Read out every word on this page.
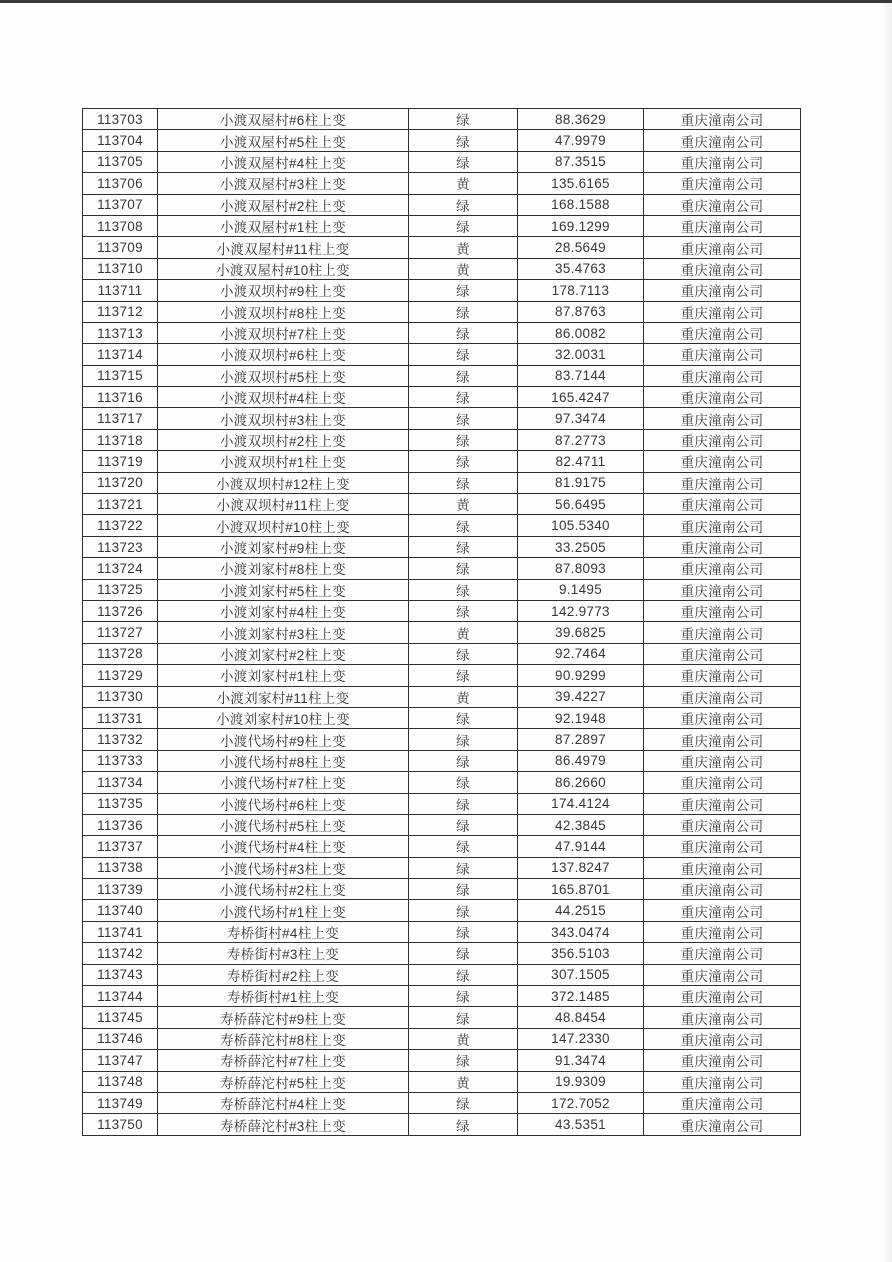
113703	小渡双屋村#6柱上变	绿	88.3629	重庆潼南公司
113704	小渡双屋村#5柱上变	绿	47.9979	重庆潼南公司
113705	小渡双屋村#4柱上变	绿	87.3515	重庆潼南公司
113706	小渡双屋村#3柱上变	黄	135.6165	重庆潼南公司
113707	小渡双屋村#2柱上变	绿	168.1588	重庆潼南公司
113708	小渡双屋村#1柱上变	绿	169.1299	重庆潼南公司
113709	小渡双屋村#11柱上变	黄	28.5649	重庆潼南公司
113710	小渡双屋村#10柱上变	黄	35.4763	重庆潼南公司
113711	小渡双坝村#9柱上变	绿	178.7113	重庆潼南公司
113712	小渡双坝村#8柱上变	绿	87.8763	重庆潼南公司
113713	小渡双坝村#7柱上变	绿	86.0082	重庆潼南公司
113714	小渡双坝村#6柱上变	绿	32.0031	重庆潼南公司
113715	小渡双坝村#5柱上变	绿	83.7144	重庆潼南公司
113716	小渡双坝村#4柱上变	绿	165.4247	重庆潼南公司
113717	小渡双坝村#3柱上变	绿	97.3474	重庆潼南公司
113718	小渡双坝村#2柱上变	绿	87.2773	重庆潼南公司
113719	小渡双坝村#1柱上变	绿	82.4711	重庆潼南公司
113720	小渡双坝村#12柱上变	绿	81.9175	重庆潼南公司
113721	小渡双坝村#11柱上变	黄	56.6495	重庆潼南公司
113722	小渡双坝村#10柱上变	绿	105.5340	重庆潼南公司
113723	小渡刘家村#9柱上变	绿	33.2505	重庆潼南公司
113724	小渡刘家村#8柱上变	绿	87.8093	重庆潼南公司
113725	小渡刘家村#5柱上变	绿	9.1495	重庆潼南公司
113726	小渡刘家村#4柱上变	绿	142.9773	重庆潼南公司
113727	小渡刘家村#3柱上变	黄	39.6825	重庆潼南公司
113728	小渡刘家村#2柱上变	绿	92.7464	重庆潼南公司
113729	小渡刘家村#1柱上变	绿	90.9299	重庆潼南公司
113730	小渡刘家村#11柱上变	黄	39.4227	重庆潼南公司
113731	小渡刘家村#10柱上变	绿	92.1948	重庆潼南公司
113732	小渡代场村#9柱上变	绿	87.2897	重庆潼南公司
113733	小渡代场村#8柱上变	绿	86.4979	重庆潼南公司
113734	小渡代场村#7柱上变	绿	86.2660	重庆潼南公司
113735	小渡代场村#6柱上变	绿	174.4124	重庆潼南公司
113736	小渡代场村#5柱上变	绿	42.3845	重庆潼南公司
113737	小渡代场村#4柱上变	绿	47.9144	重庆潼南公司
113738	小渡代场村#3柱上变	绿	137.8247	重庆潼南公司
113739	小渡代场村#2柱上变	绿	165.8701	重庆潼南公司
113740	小渡代场村#1柱上变	绿	44.2515	重庆潼南公司
113741	寿桥街村#4柱上变	绿	343.0474	重庆潼南公司
113742	寿桥街村#3柱上变	绿	356.5103	重庆潼南公司
113743	寿桥街村#2柱上变	绿	307.1505	重庆潼南公司
113744	寿桥街村#1柱上变	绿	372.1485	重庆潼南公司
113745	寿桥薛沱村#9柱上变	绿	48.8454	重庆潼南公司
113746	寿桥薛沱村#8柱上变	黄	147.2330	重庆潼南公司
113747	寿桥薛沱村#7柱上变	绿	91.3474	重庆潼南公司
113748	寿桥薛沱村#5柱上变	黄	19.9309	重庆潼南公司
113749	寿桥薛沱村#4柱上变	绿	172.7052	重庆潼南公司
113750	寿桥薛沱村#3柱上变	绿	43.5351	重庆潼南公司
